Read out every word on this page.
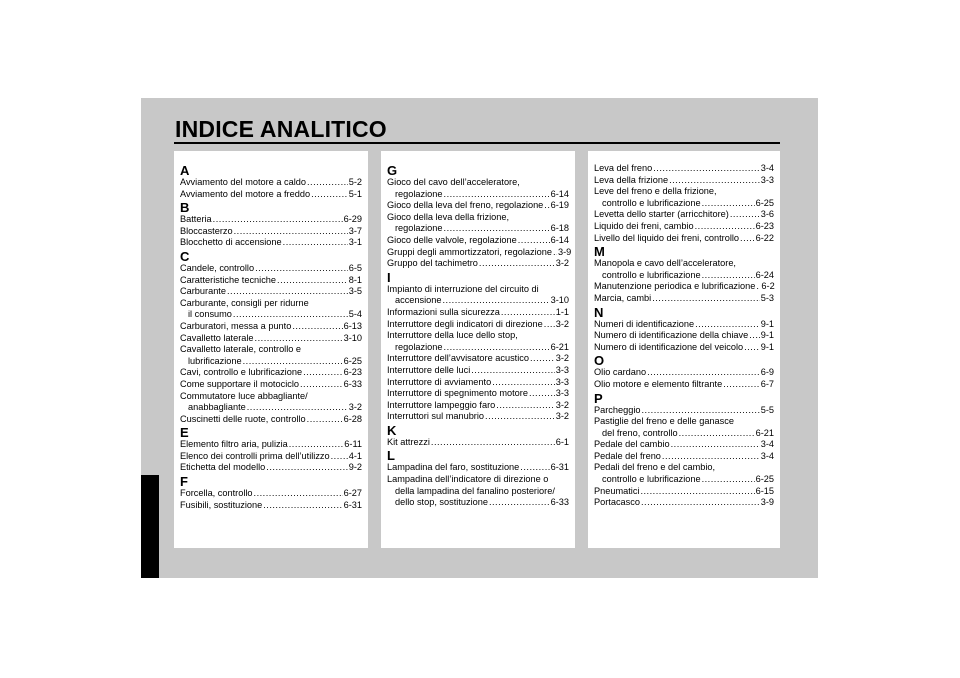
INDICE ANALITICO
A
Avviamento del motore a caldo .....	5-2
Avviamento del motore a freddo .....	5-1
B
Batteria .....	6-29
Bloccasterzo .....	3-7
Blocchetto di accensione .....	3-1
C
Candele, controllo .....	6-5
Caratteristiche tecniche .....	8-1
Carburante .....	3-5
Carburante, consigli per ridurne
il consumo .....	5-4
Carburatori, messa a punto .....	6-13
Cavalletto laterale .....	3-10
Cavalletto laterale, controllo e
lubrificazione .....	6-25
Cavi, controllo e lubrificazione .....	6-23
Come supportare il motociclo .....	6-33
Commutatore luce abbagliante/
anabbagliante .....	3-2
Cuscinetti delle ruote, controllo .....	6-28
E
Elemento filtro aria, pulizia .....	6-11
Elenco dei controlli prima dell’utilizzo ..... 4-1
Etichetta del modello .....	9-2
F
Forcella, controllo .....	6-27
Fusibili, sostituzione .....	6-31
G
Gioco del cavo dell’acceleratore,
regolazione .....	6-14
Gioco della leva del freno, regolazione ..... 6-19
Gioco della leva della frizione,
regolazione .....	6-18
Gioco delle valvole, regolazione .....	6-14
Gruppi degli ammortizzatori, regolazione ..... 3-9
Gruppo del tachimetro .....	3-2
I
Impianto di interruzione del circuito di
accensione .....	3-10
Informazioni sulla sicurezza .....	1-1
Interruttore degli indicatori di direzione ..... 3-2
Interruttore della luce dello stop,
regolazione .....	6-21
Interruttore dell’avvisatore acustico .....	3-2
Interruttore delle luci .....	3-3
Interruttore di avviamento .....	3-3
Interruttore di spegnimento motore .....	3-3
Interruttore lampeggio faro .....	3-2
Interruttori sul manubrio .....	3-2
K
Kit attrezzi .....	6-1
L
Lampadina del faro, sostituzione .....	6-31
Lampadina dell’indicatore di direzione o
della lampadina del fanalino posteriore/
dello stop, sostituzione .....	6-33
Leva del freno .....	3-4
Leva della frizione .....	3-3
Leve del freno e della frizione,
controllo e lubrificazione .....	6-25
Levetta dello starter (arricchitore) .....	3-6
Liquido dei freni, cambio .....	6-23
Livello del liquido dei freni, controllo ..... 6-22
M
Manopola e cavo dell’acceleratore,
controllo e lubrificazione .....	6-24
Manutenzione periodica e lubrificazione ..... 6-2
Marcia, cambi .....	5-3
N
Numeri di identificazione .....	9-1
Numero di identificazione della chiave ..... 9-1
Numero di identificazione del veicolo ..... 9-1
O
Olio cardano .....	6-9
Olio motore e elemento filtrante .....	6-7
P
Parcheggio .....	5-5
Pastiglie del freno e delle ganasce
del freno, controllo .....	6-21
Pedale del cambio .....	3-4
Pedale del freno .....	3-4
Pedali del freno e del cambio,
controllo e lubrificazione .....	6-25
Pneumatici .....	6-15
Portacasco .....	3-9
